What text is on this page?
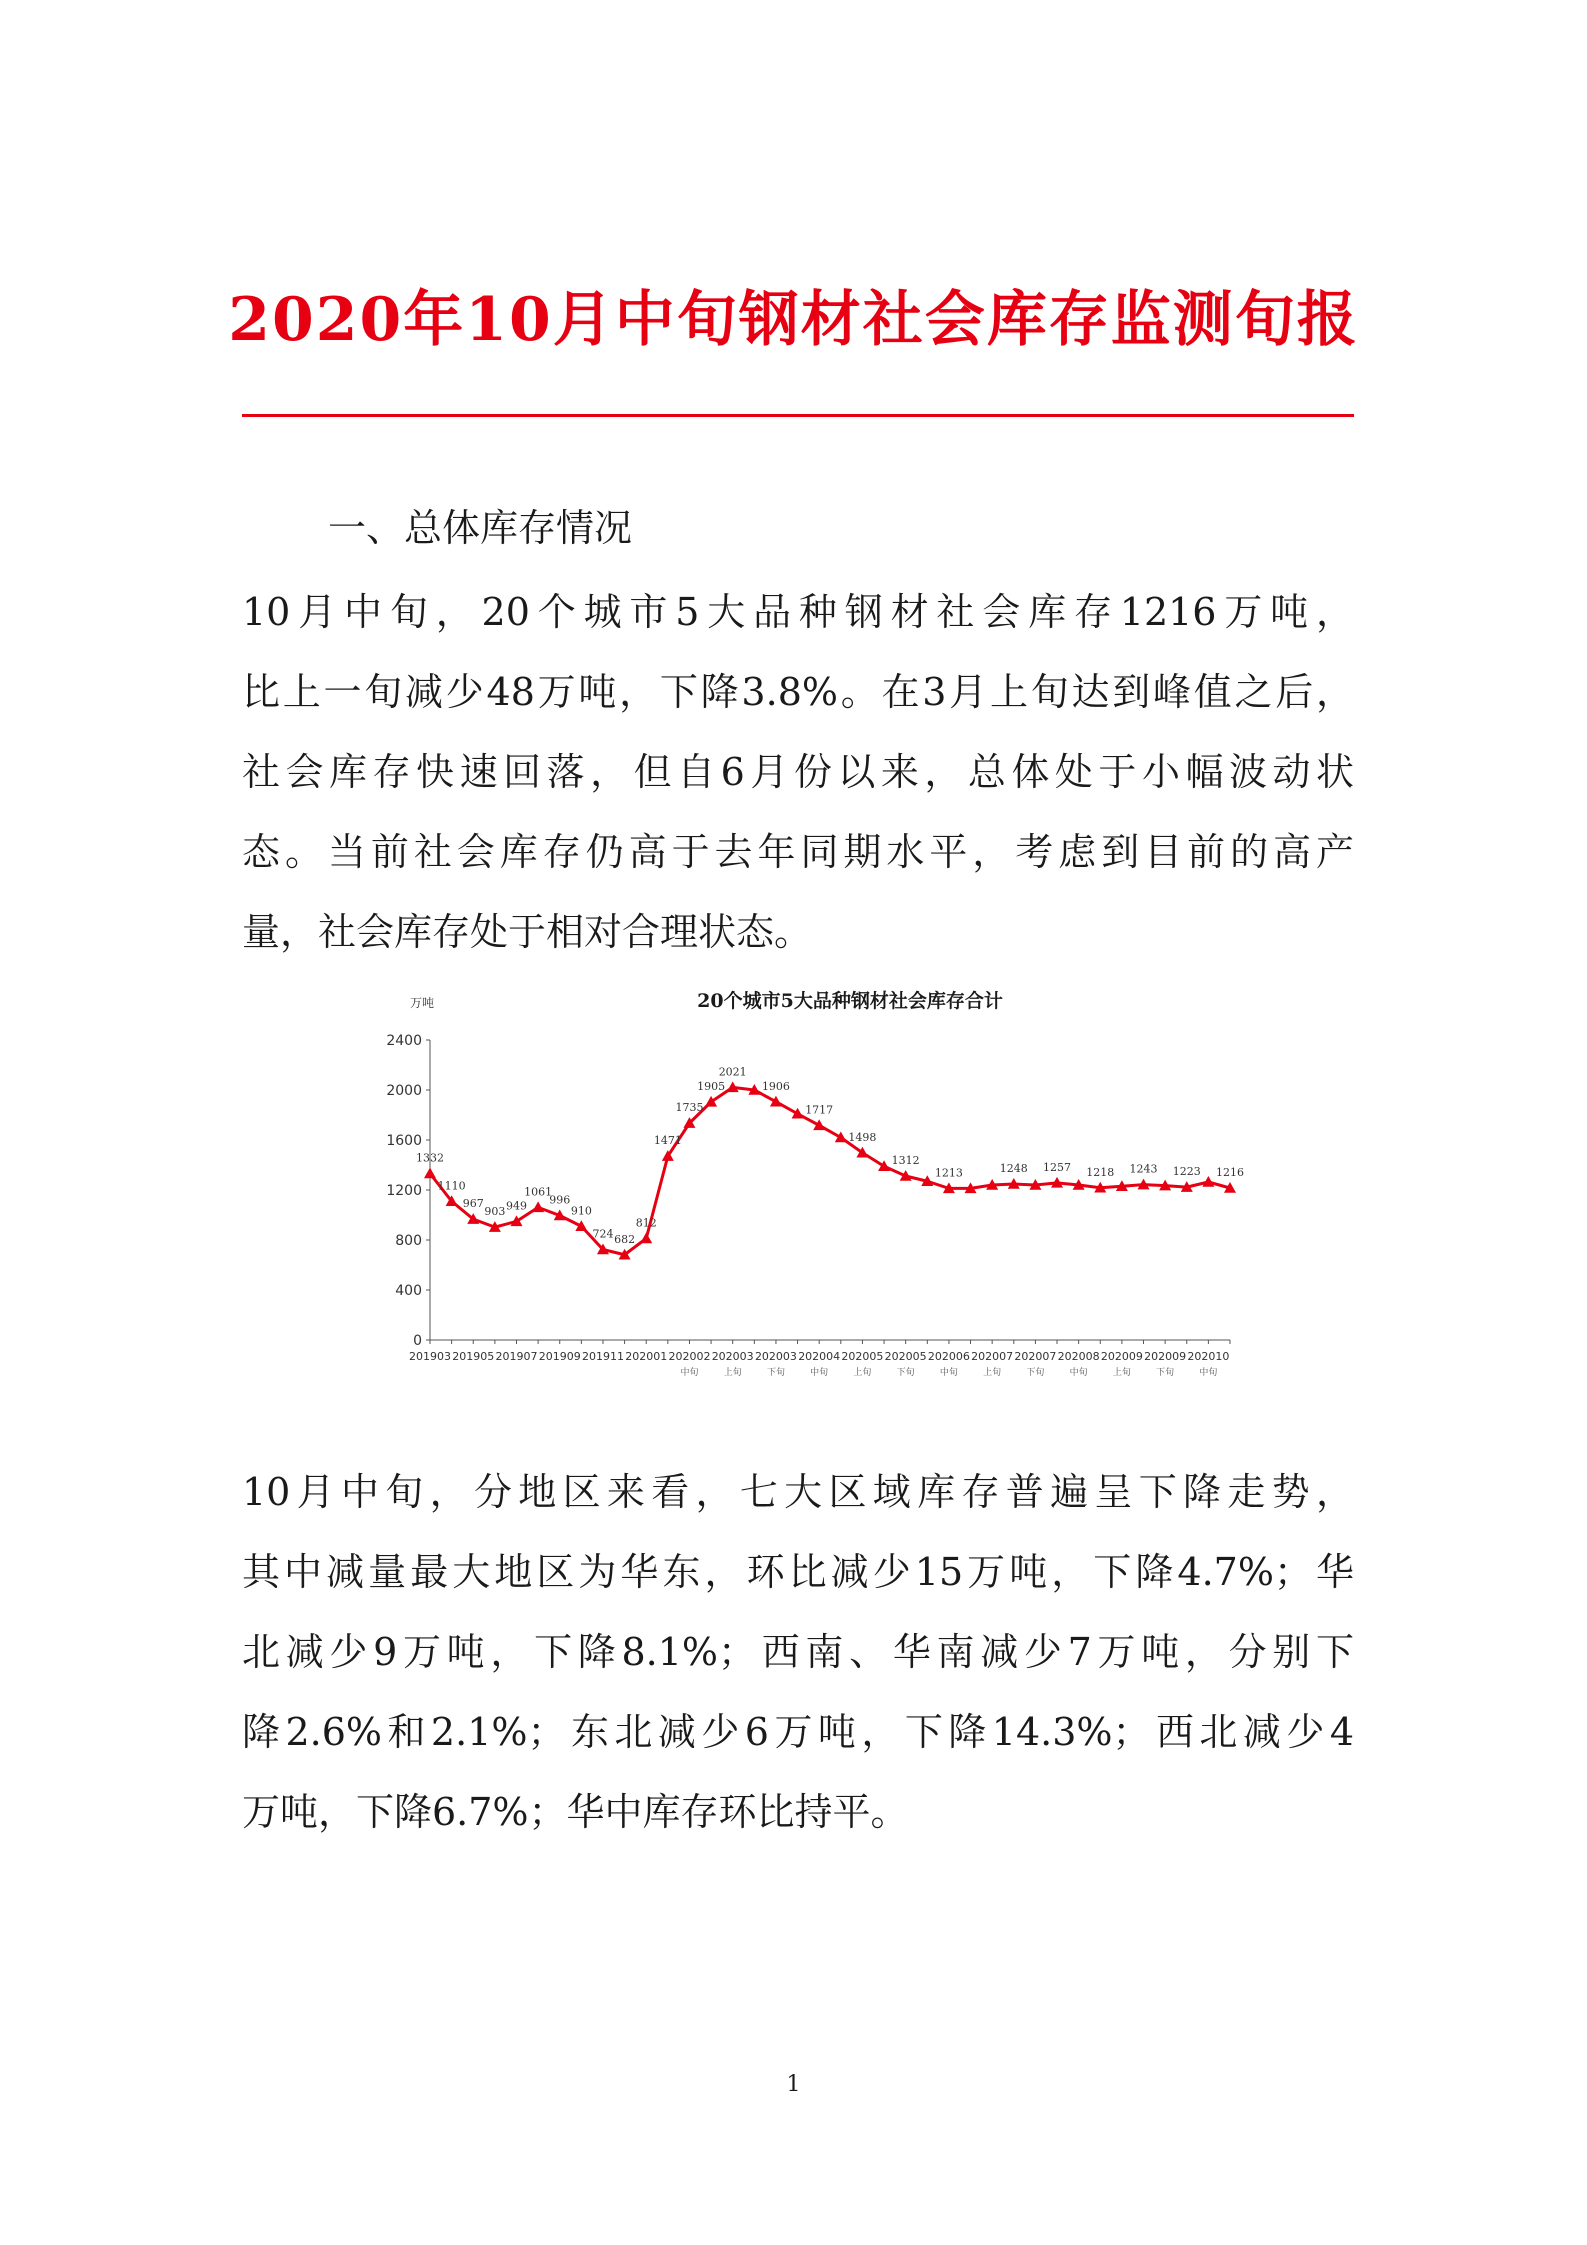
2020年10月中旬钢材社会库存监测旬报
一、总体库存情况
10月中旬，20个城市5大品种钢材社会库存1216万吨，
比上一旬减少48万吨，下降3.8%。在3月上旬达到峰值之后，
社会库存快速回落，但自6月份以来，总体处于小幅波动状
态。当前社会库存仍高于去年同期水平，考虑到目前的高产
量，社会库存处于相对合理状态。
20个城市5大品种钢材社会库存合计
万吨
0
400
800
1200
1600
2000
2400
201903 201905 201907 201909 201911 202001 202002
中旬
202003
上旬
202003
下旬
202004
中旬
202005
上旬
202005
下旬
202006
中旬
202007
上旬
202007
下旬
202008
中旬
202009
上旬
202009
下旬
202010
中旬
1332
1110
967
903 949
1061
996
910
724 682
812
1471
1735
1905
2021
1906
1717
1498
1312
1213	1248 1257 1218 1243 1223 1216
10月中旬，分地区来看，七大区域库存普遍呈下降走势，
其中减量最大地区为华东，环比减少15万吨，下降4.7%；华
北减少9万吨，下降8.1%；西南、华南减少7万吨，分别下
降2.6%和2.1%；东北减少6万吨，下降14.3%；西北减少4
万吨，下降6.7%；华中库存环比持平。
1
